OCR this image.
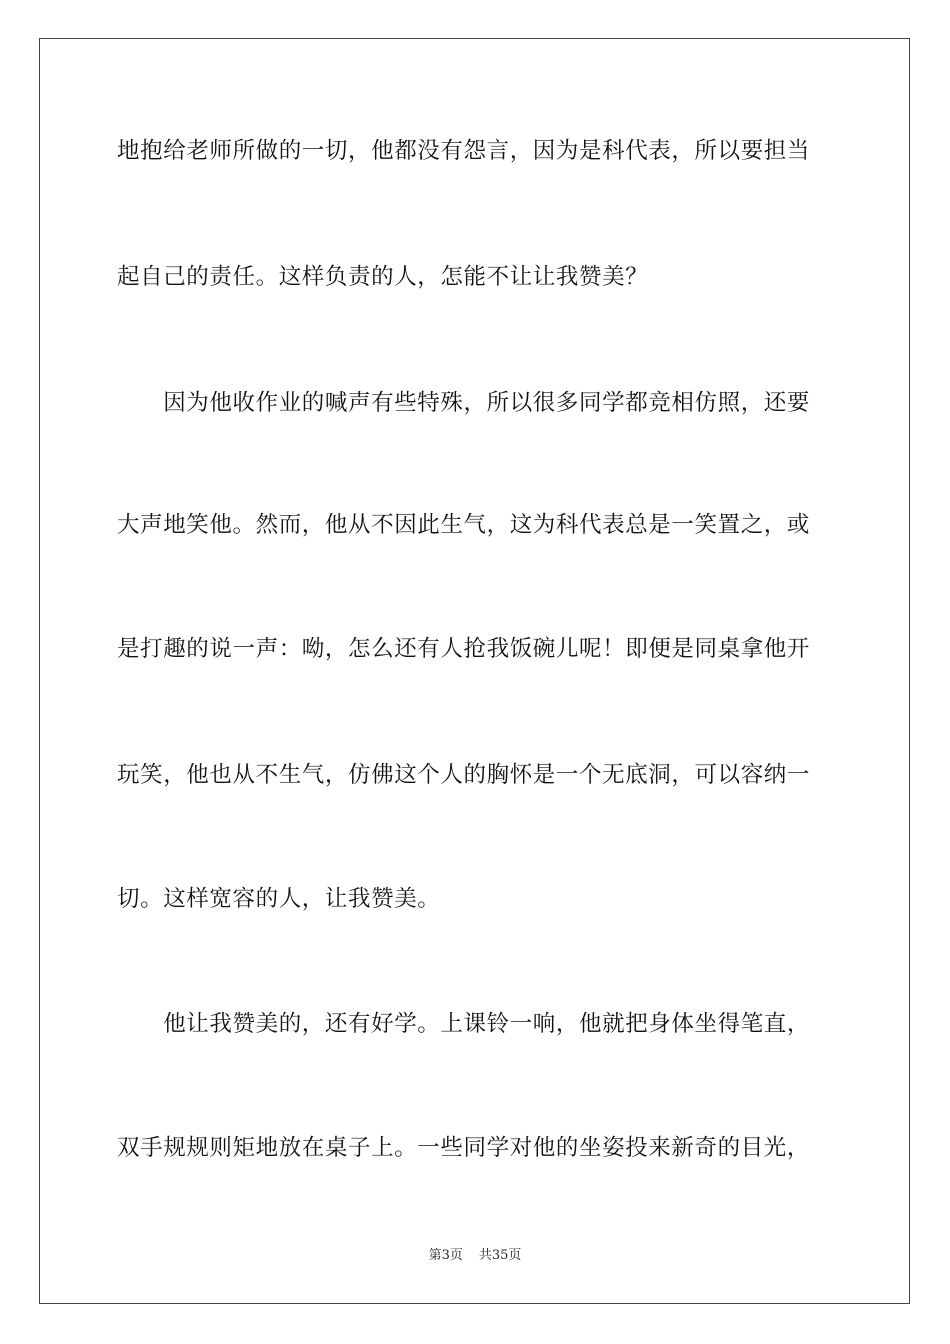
地抱给老师所做的一切，他都没有怨言，因为是科代表，所以要担当
起自己的责任。这样负责的人，怎能不让让我赞美？
　　因为他收作业的喊声有些特殊，所以很多同学都竞相仿照，还要
大声地笑他。然而，他从不因此生气，这为科代表总是一笑置之，或
是打趣的说一声：呦，怎么还有人抢我饭碗儿呢！即便是同桌拿他开
玩笑，他也从不生气，仿佛这个人的胸怀是一个无底洞，可以容纳一
切。这样宽容的人，让我赞美。
　　他让我赞美的，还有好学。上课铃一响，他就把身体坐得笔直，
双手规规则矩地放在桌子上。一些同学对他的坐姿投来新奇的目光，
第3页 共35页
